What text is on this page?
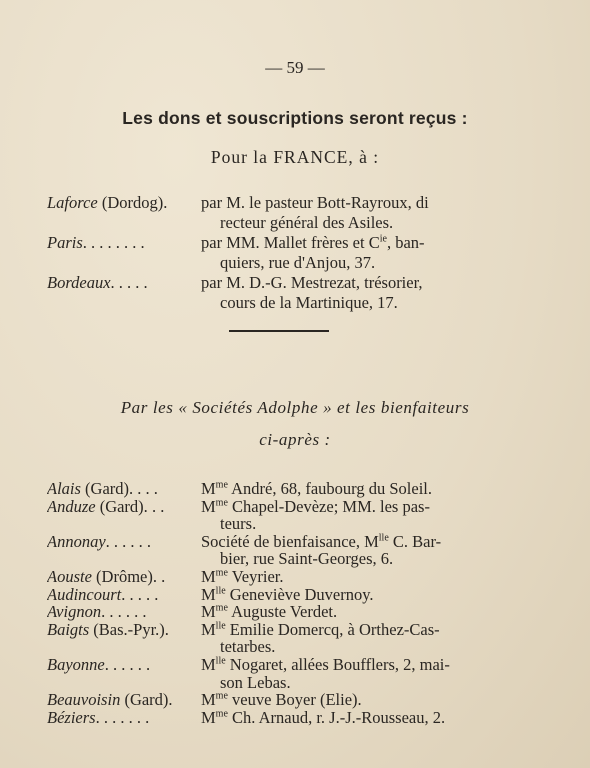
— 59 —
Les dons et souscriptions seront reçus :
Pour la FRANCE, à :
Laforce (Dordog).	par M. le pasteur Bott-Rayroux, di
recteur général des Asiles.
Paris. . . . . . . .	par MM. Mallet frères et $C^{ie}$, ban-
quiers, rue d'Anjou, 37.
Bordeaux. . . . .	par M. D.-G. Mestrezat, trésorier,
cours de la Martinique, 17.
Par les « Sociétés Adolphe » et les bienfaiteurs
ci-après :
Alais (Gard). . . .	$M^{me}$ André, 68, faubourg du Soleil.
Anduze (Gard). . .	$M^{me}$ Chapel-Devèze; MM. les pas-
teurs.
Annonay. . . . . .	Société de bienfaisance, $M^{lle}$ C. Bar-
bier, rue Saint-Georges, 6.
Aouste (Drôme). .	$M^{me}$ Veyrier.
Audincourt. . . . .	$M^{lle}$ Geneviève Duvernoy.
Avignon. . . . . .	$M^{me}$ Auguste Verdet.
Baigts (Bas.-Pyr.).	$M^{lle}$ Emilie Domercq, à Orthez-Cas-
tetarbes.
Bayonne. . . . . .	$M^{lle}$ Nogaret, allées Boufflers, 2, mai-
son Lebas.
Beauvoisin (Gard).	$M^{me}$ veuve Boyer (Elie).
Béziers. . . . . . .	$M^{me}$ Ch. Arnaud, r. J.-J.-Rousseau, 2.
